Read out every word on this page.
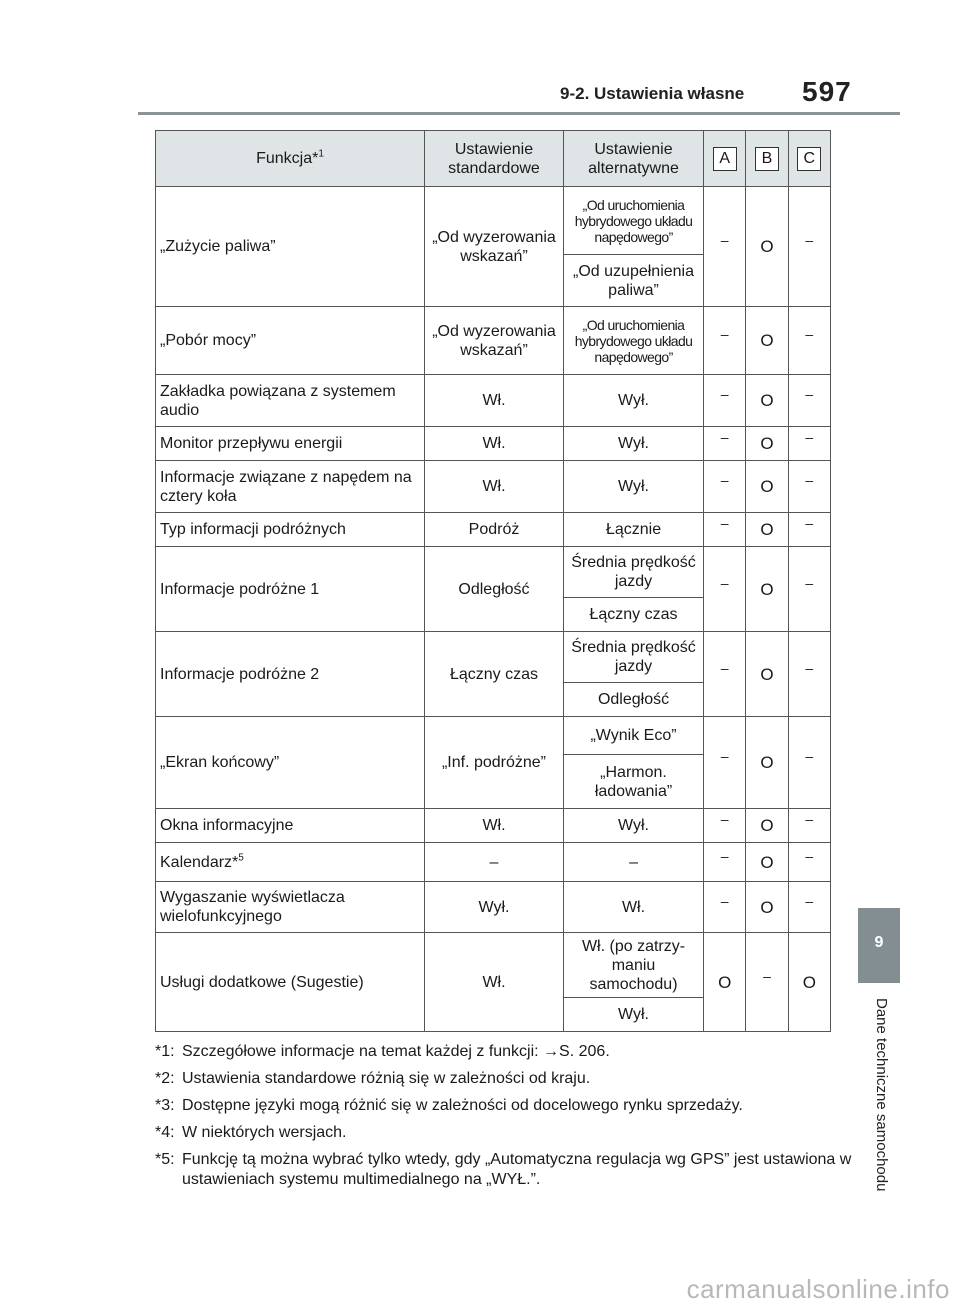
9-2. Ustawienia własne 597
Funkcja*$^1$	Ustawienie standardowe	Ustawienie alternatywne	A	B	C
„Zużycie paliwa”	„Od wyzerowania wskazań”	„Od uruchomienia hybrydowego układu napędowego”	–	O	–
		„Od uzupełnienia paliwa”			
„Pobór mocy”	„Od wyzerowania wskazań”	„Od uruchomienia hybrydowego układu napędowego”	–	O	–
Zakładka powiązana z systemem audio	Wł.	Wył.	–	O	–
Monitor przepływu energii	Wł.	Wył.	–	O	–
Informacje związane z napędem na cztery koła	Wł.	Wył.	–	O	–
Typ informacji podróżnych	Podróż	Łącznie	–	O	–
Informacje podróżne 1	Odległość	Średnia prędkość jazdy	–	O	–
		Łączny czas			
Informacje podróżne 2	Łączny czas	Średnia prędkość jazdy	–	O	–
		Odległość			
„Ekran końcowy”	„Inf. podróżne”	„Wynik Eco”	–	O	–
		„Harmon. ładowania”			
Okna informacyjne	Wł.	Wył.	–	O	–
Kalendarz*$^5$	–	–	–	O	–
Wygaszanie wyświetlacza wielofunkcyjnego	Wył.	Wł.	–	O	–
Usługi dodatkowe (Sugestie)	Wł.	Wł. (po zatrzy-maniu samochodu)	O	–	O
		Wył.			
*1: Szczegółowe informacje na temat każdej z funkcji: →S. 206.
*2: Ustawienia standardowe różnią się w zależności od kraju.
*3: Dostępne języki mogą różnić się w zależności od docelowego rynku sprzedaży.
*4: W niektórych wersjach.
*5: Funkcję tą można wybrać tylko wtedy, gdy „Automatyczna regulacja wg GPS” jest ustawiona w ustawieniach systemu multimedialnego na „WYŁ.”.
9
Dane techniczne samochodu
carmanualsonline.info
